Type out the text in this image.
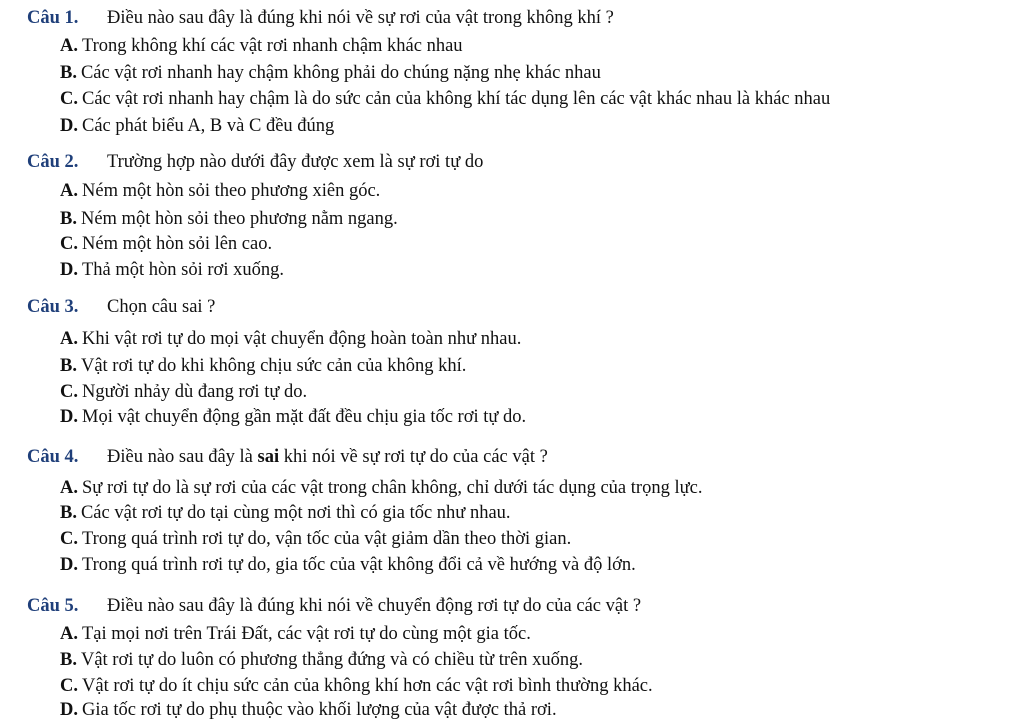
Câu 1. Điều nào sau đây là đúng khi nói về sự rơi của vật trong không khí ?
A. Trong không khí các vật rơi nhanh chậm khác nhau
B. Các vật rơi nhanh hay chậm không phải do chúng nặng nhẹ khác nhau
C. Các vật rơi nhanh hay chậm là do sức cản của không khí tác dụng lên các vật khác nhau là khác nhau
D. Các phát biểu A, B và C đều đúng
Câu 2. Trường hợp nào dưới đây được xem là sự rơi tự do
A. Ném một hòn sỏi theo phương xiên góc.
B. Ném một hòn sỏi theo phương nằm ngang.
C. Ném một hòn sỏi lên cao.
D. Thả một hòn sỏi rơi xuống.
Câu 3. Chọn câu sai ?
A. Khi vật rơi tự do mọi vật chuyển động hoàn toàn như nhau.
B. Vật rơi tự do khi không chịu sức cản của không khí.
C. Người nhảy dù đang rơi tự do.
D. Mọi vật chuyển động gần mặt đất đều chịu gia tốc rơi tự do.
Câu 4. Điều nào sau đây là sai khi nói về sự rơi tự do của các vật ?
A. Sự rơi tự do là sự rơi của các vật trong chân không, chỉ dưới tác dụng của trọng lực.
B. Các vật rơi tự do tại cùng một nơi thì có gia tốc như nhau.
C. Trong quá trình rơi tự do, vận tốc của vật giảm dần theo thời gian.
D. Trong quá trình rơi tự do, gia tốc của vật không đổi cả về hướng và độ lớn.
Câu 5. Điều nào sau đây là đúng khi nói về chuyển động rơi tự do của các vật ?
A. Tại mọi nơi trên Trái Đất, các vật rơi tự do cùng một gia tốc.
B. Vật rơi tự do luôn có phương thẳng đứng và có chiều từ trên xuống.
C. Vật rơi tự do ít chịu sức cản của không khí hơn các vật rơi bình thường khác.
D. Gia tốc rơi tự do phụ thuộc vào khối lượng của vật được thả rơi.
